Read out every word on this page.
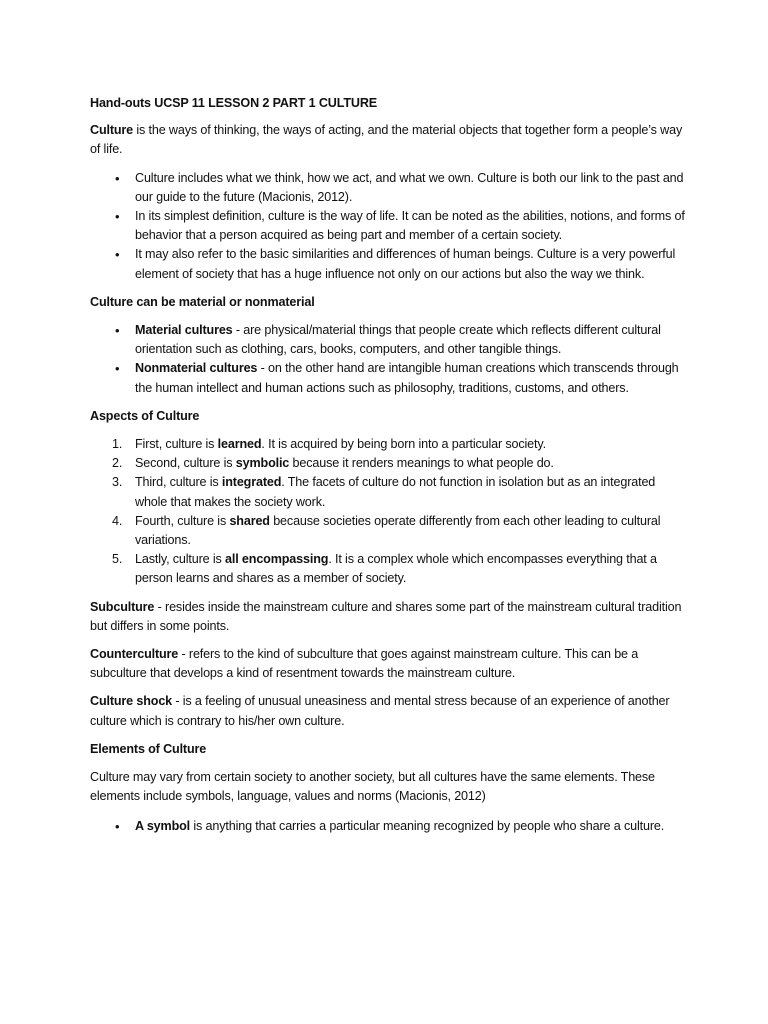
Hand-outs UCSP 11 LESSON 2 PART 1 CULTURE

Culture is the ways of thinking, the ways of acting, and the material objects that together form a people’s way of life.

• Culture includes what we think, how we act, and what we own. Culture is both our link to the past and our guide to the future (Macionis, 2012).
• In its simplest definition, culture is the way of life. It can be noted as the abilities, notions, and forms of behavior that a person acquired as being part and member of a certain society.
• It may also refer to the basic similarities and differences of human beings. Culture is a very powerful element of society that has a huge influence not only on our actions but also the way we think.

Culture can be material or nonmaterial

• Material cultures - are physical/material things that people create which reflects different cultural orientation such as clothing, cars, books, computers, and other tangible things.
• Nonmaterial cultures - on the other hand are intangible human creations which transcends through the human intellect and human actions such as philosophy, traditions, customs, and others.

Aspects of Culture

1. First, culture is learned. It is acquired by being born into a particular society.
2. Second, culture is symbolic because it renders meanings to what people do.
3. Third, culture is integrated. The facets of culture do not function in isolation but as an integrated whole that makes the society work.
4. Fourth, culture is shared because societies operate differently from each other leading to cultural variations.
5. Lastly, culture is all encompassing. It is a complex whole which encompasses everything that a person learns and shares as a member of society.

Subculture - resides inside the mainstream culture and shares some part of the mainstream cultural tradition but differs in some points.

Counterculture - refers to the kind of subculture that goes against mainstream culture. This can be a subculture that develops a kind of resentment towards the mainstream culture.

Culture shock - is a feeling of unusual uneasiness and mental stress because of an experience of another culture which is contrary to his/her own culture.

Elements of Culture

Culture may vary from certain society to another society, but all cultures have the same elements. These elements include symbols, language, values and norms (Macionis, 2012)

• A symbol is anything that carries a particular meaning recognized by people who share a culture.
